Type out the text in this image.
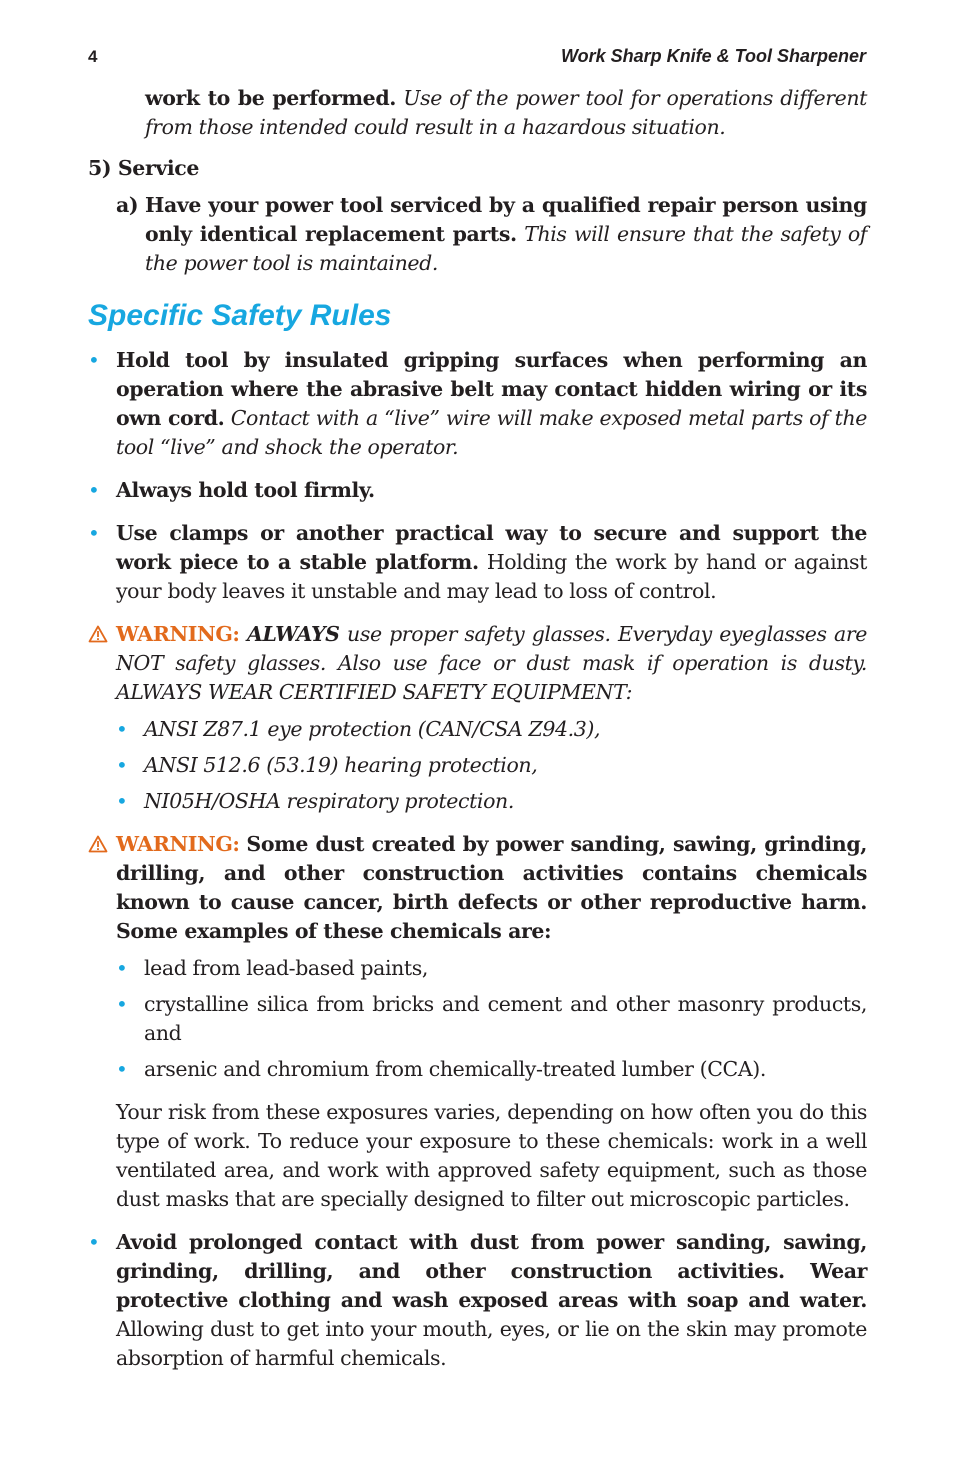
4	Work Sharp Knife & Tool Sharpener

work to be performed. Use of the power tool for operations different from those intended could result in a hazardous situation.

5) Service
a) Have your power tool serviced by a qualified repair person using only identical replacement parts. This will ensure that the safety of the power tool is maintained.

Specific Safety Rules
• Hold tool by insulated gripping surfaces when performing an operation where the abrasive belt may contact hidden wiring or its own cord. Contact with a “live” wire will make exposed metal parts of the tool “live” and shock the operator.

• Always hold tool firmly.

• Use clamps or another practical way to secure and support the work piece to a stable platform. Holding the work by hand or against your body leaves it unstable and may lead to loss of control.

WARNING: ALWAYS use proper safety glasses. Everyday eyeglasses are NOT safety glasses. Also use face or dust mask if operation is dusty. ALWAYS WEAR CERTIFIED SAFETY EQUIPMENT:

• ANSI Z87.1 eye protection (CAN/CSA Z94.3),
• ANSI 512.6 (53.19) hearing protection,
• NI05H/OSHA respiratory protection.

WARNING: Some dust created by power sanding, sawing, grinding, drilling, and other construction activities contains chemicals known to cause cancer, birth defects or other reproductive harm. Some examples of these chemicals are:

• lead from lead-based paints,
• crystalline silica from bricks and cement and other masonry products, and
• arsenic and chromium from chemically-treated lumber (CCA).

Your risk from these exposures varies, depending on how often you do this type of work. To reduce your exposure to these chemicals: work in a well ventilated area, and work with approved safety equipment, such as those dust masks that are specially designed to filter out microscopic particles.

• Avoid prolonged contact with dust from power sanding, sawing, grinding, drilling, and other construction activities. Wear protective clothing and wash exposed areas with soap and water. Allowing dust to get into your mouth, eyes, or lie on the skin may promote absorption of harmful chemicals.
